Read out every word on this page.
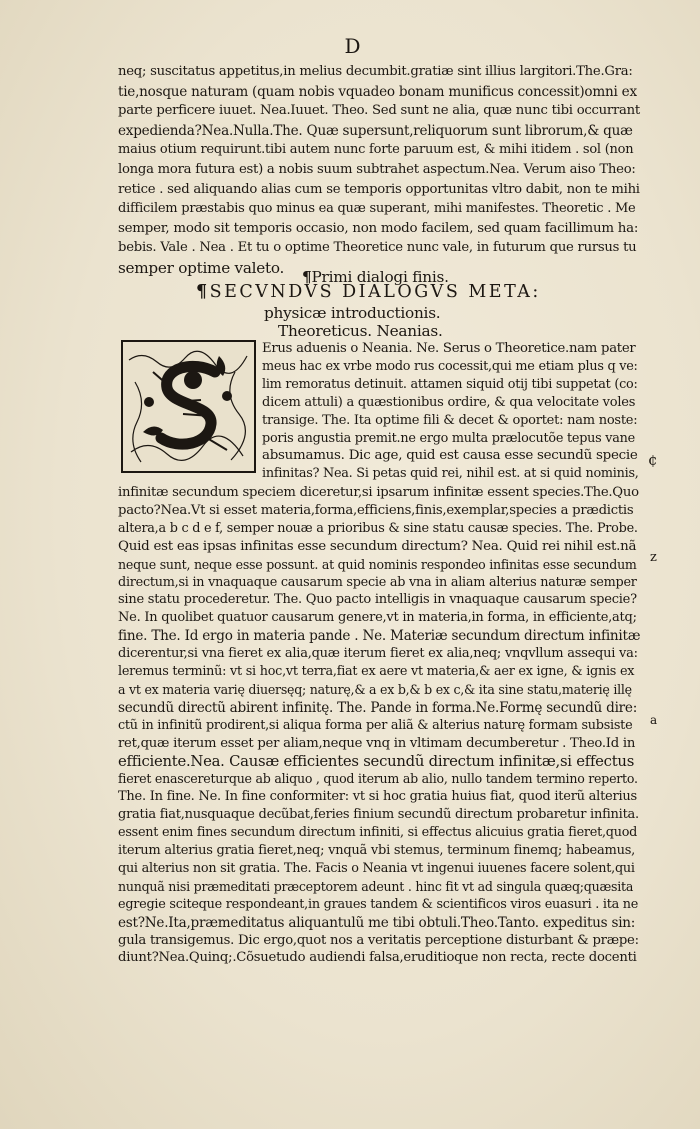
D
neq; suscitatus appetitus,in melius decumbit.gratiæ sint illius largitori.The.Gra:
tie,nosque naturam (quam nobis vquadeo bonam munificus concessit)omni ex
parte perficere iuuet. Nea.Iuuet. Theo. Sed sunt ne alia, quæ nunc tibi occurrant
expedienda?Nea.Nulla.The. Quæ supersunt,reliquorum sunt librorum,& quæ
maius otium requirunt.tibi autem nunc forte paruum est, & mihi itidem . sol (non
longa mora futura est) a nobis suum subtrahet aspectum.Nea. Verum aiso Theo:
retice . sed aliquando alias cum se temporis opportunitas vltro dabit, non te mihi
difficilem præstabis quo minus ea quæ superant, mihi manifestes. Theoretic . Me
semper, modo sit temporis occasio, non modo facilem, sed quam facillimum ha:
bebis. Vale . Nea . Et tu o optime Theoretice nunc vale, in futurum que rursus tu
semper optime valeto.	¶Primi dialogi finis.
¶SECVNDVS DIALOGVS META:
physicæ introductionis.
Theoreticus. Neanias.
Erus aduenis o Neania. Ne. Serus o Theoretice.nam pater
meus hac ex vrbe modo rus cocessit,qui me etiam plus q ve:
lim remoratus detinuit. attamen siquid otij tibi suppetat (co:
dicem attuli) a quæstionibus ordire, & qua velocitate voles
transige. The. Ita optime fili & decet & oportet: nam noste:
poris angustia premit.ne ergo multa prælocutõe tepus vane
absumamus. Dic age, quid est causa esse secundũ specie
infinitas? Nea. Si petas quid rei, nihil est. at si quid nominis,
infinitæ secundum speciem diceretur,si ipsarum infinitæ essent species.The.Quo
pacto?Nea.Vt si esset materia,forma,efficiens,finis,exemplar,species a prædictis
altera,a b c d e f, semper nouæ a prioribus & sine statu causæ species. The. Probe.
Quid est eas ipsas infinitas esse secundum directum? Nea. Quid rei nihil est.nã
neque sunt, neque esse possunt. at quid nominis respondeo infinitas esse secundum
directum,si in vnaquaque causarum specie ab vna in aliam alterius naturæ semper
sine statu procederetur. The. Quo pacto intelligis in vnaquaque causarum specie?
Ne. In quolibet quatuor causarum genere,vt in materia,in forma, in efficiente,atq;
fine. The. Id ergo in materia pande . Ne. Materiæ secundum directum infinitæ
dicerentur,si vna fieret ex alia,quæ iterum fieret ex alia,neq; vnqvllum assequi va:
leremus terminũ: vt si hoc,vt terra,fiat ex aere vt materia,& aer ex igne, & ignis ex
a vt ex materia varię diuersęq; naturę,& a ex b,& b ex c,& ita sine statu,materię illę
secundũ directũ abirent infinitę. The. Pande in forma.Ne.Formę secundũ dire:
ctũ in infinitũ prodirent,si aliqua forma per aliã & alterius naturę formam subsiste
ret,quæ iterum esset per aliam,neque vnq in vltimam decumberetur . Theo.Id in
efficiente.Nea. Causæ efficientes secundũ directum infinitæ,si effectus
fieret enascereturque ab aliquo , quod iterum ab alio, nullo tandem termino reperto.
The. In fine. Ne. In fine conformiter: vt si hoc gratia huius fiat, quod iterũ alterius
gratia fiat,nusquaque decũbat,feries finium secundũ directum probaretur infinita.
essent enim fines secundum directum infiniti, si effectus alicuius gratia fieret,quod
iterum alterius gratia fieret,neq; vnquã vbi stemus, terminum finemq; habeamus,
qui alterius non sit gratia. The. Facis o Neania vt ingenui iuuenes facere solent,qui
nunquã nisi præmeditati præceptorem adeunt . hinc fit vt ad singula quæq;quæsita
egregie sciteque respondeant,in graues tandem & scientificos viros euasuri . ita ne
est?Ne.Ita,præmeditatus aliquantulũ me tibi obtuli.Theo.Tanto. expeditus sin:
gula transigemus. Dic ergo,quot nos a veritatis perceptione disturbant & præpe:
diunt?Nea.Quinq;.Cõsuetudo audiendi falsa,eruditioque non recta, recte docenti
¢
z
a
